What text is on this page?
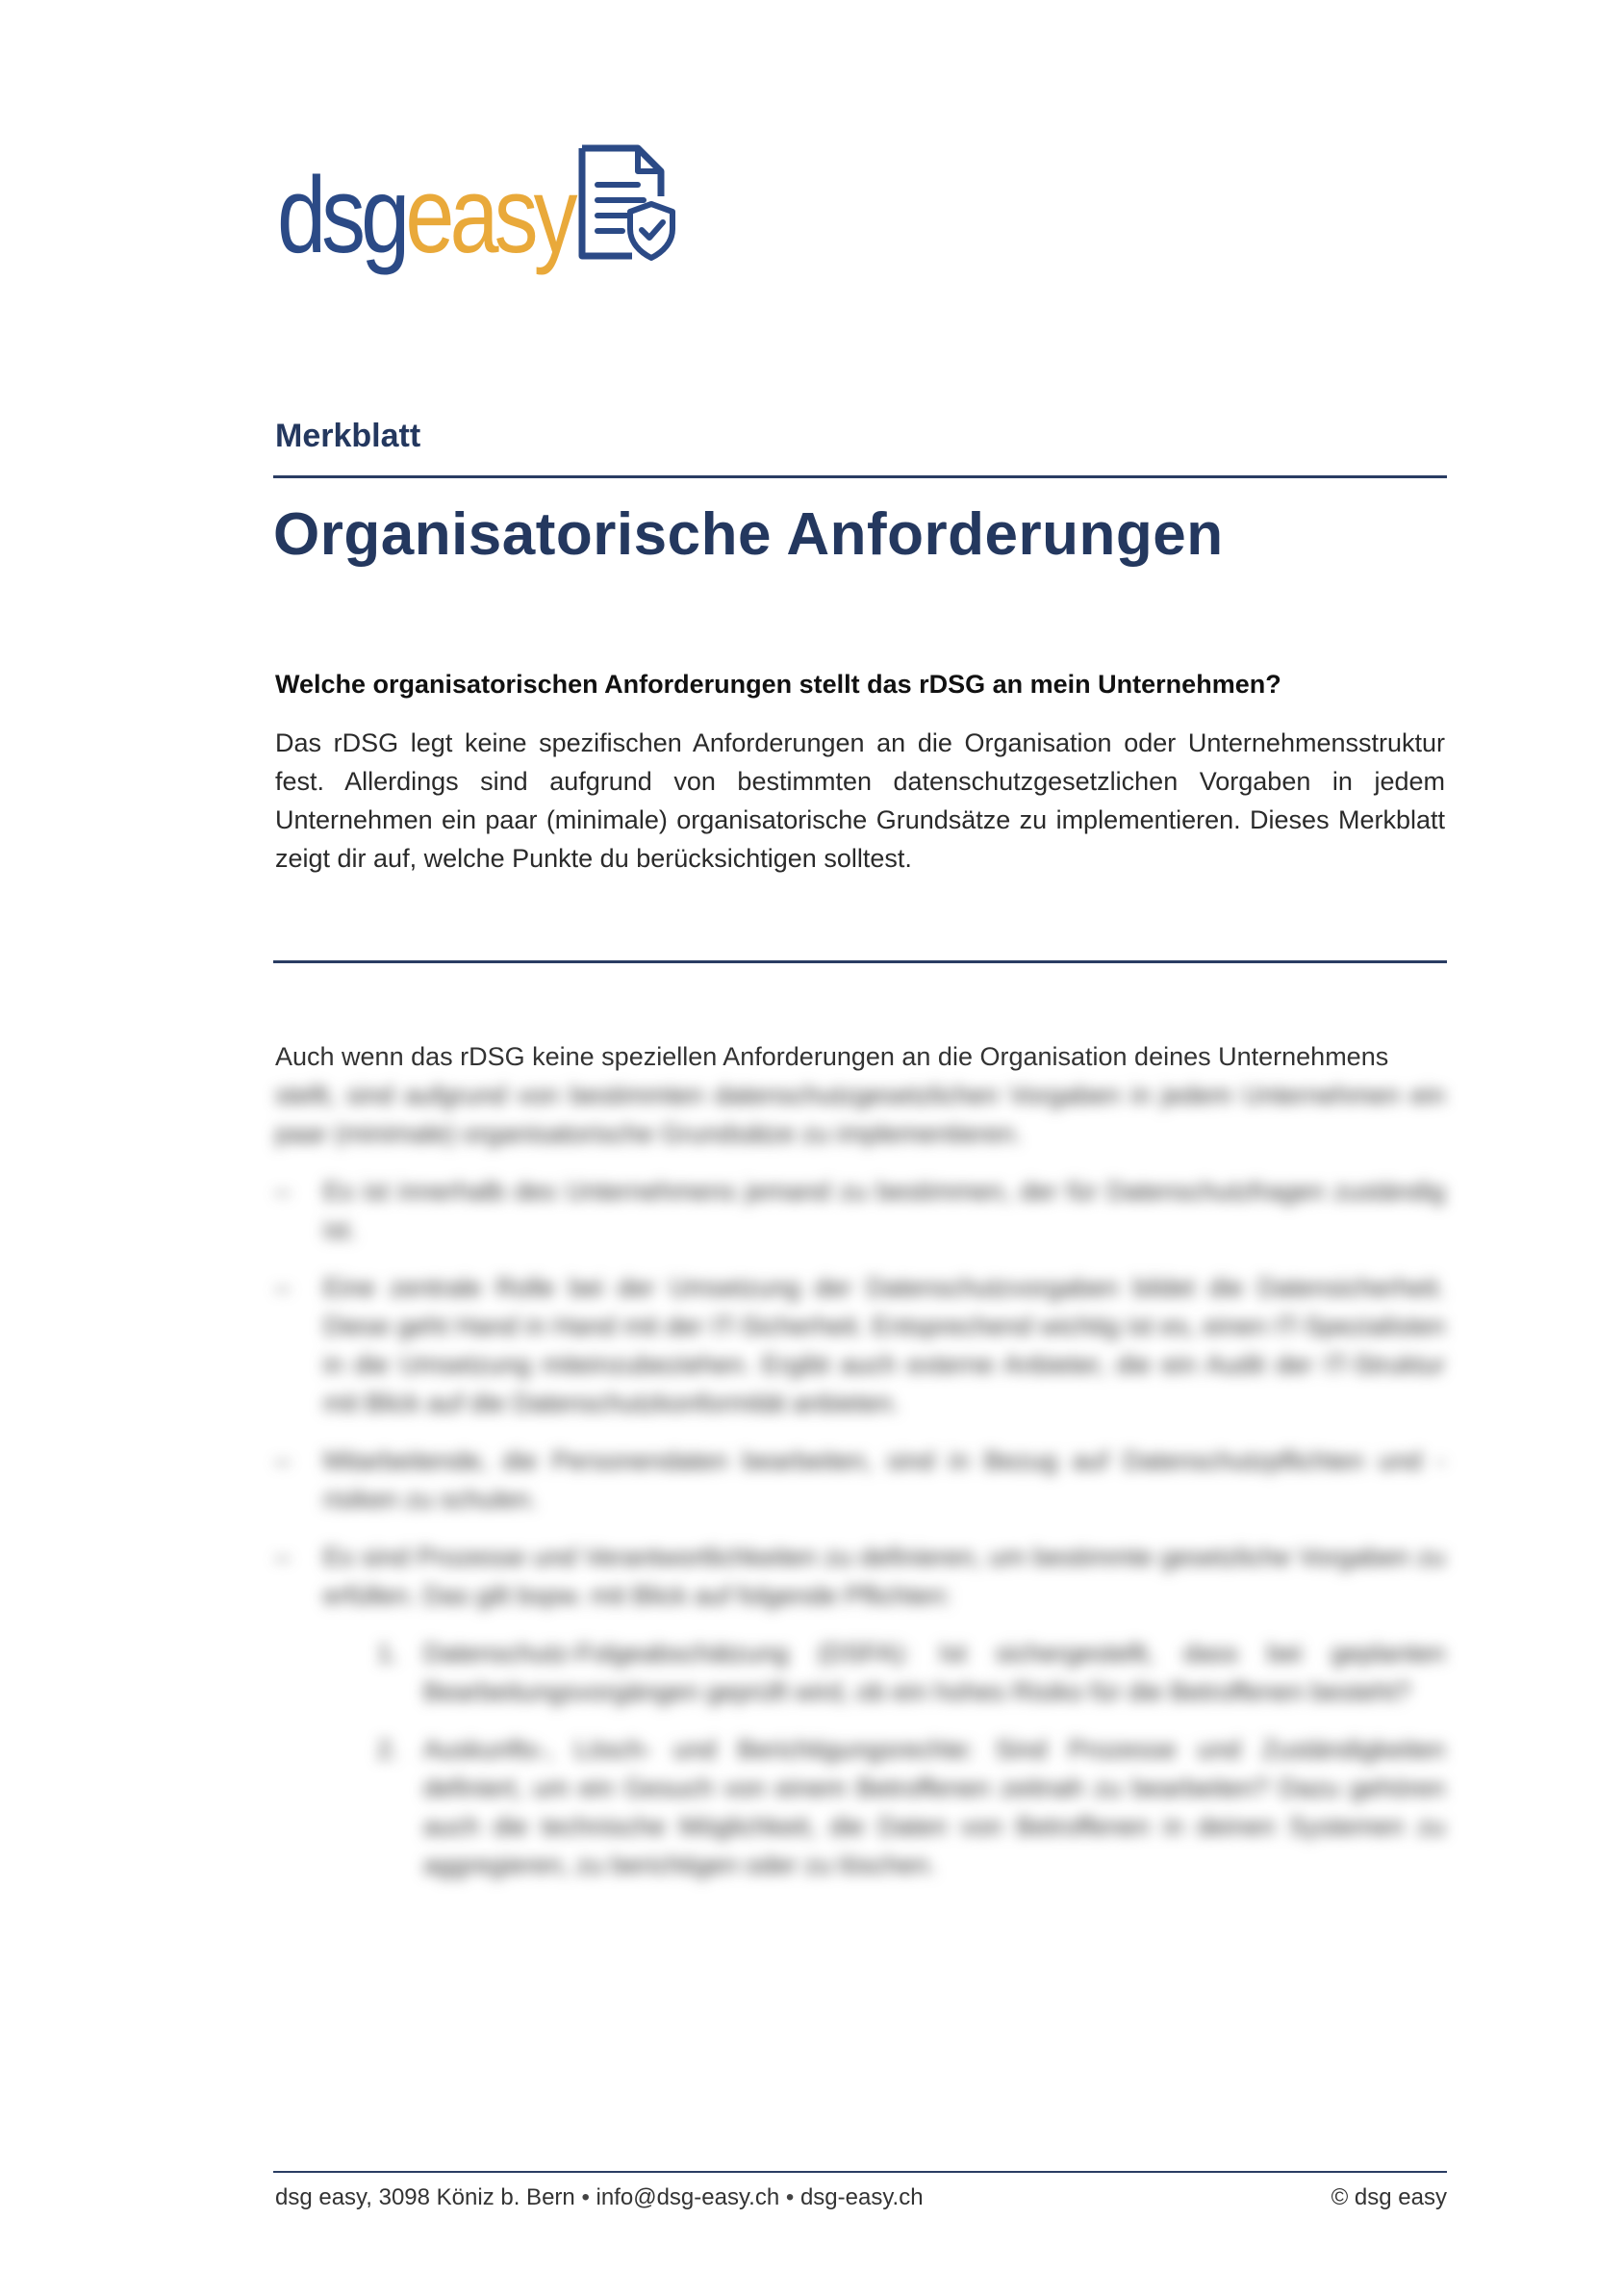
dsgeasy
Merkblatt
Organisatorische Anforderungen

Welche organisatorischen Anforderungen stellt das rDSG an mein Unternehmen?

Das rDSG legt keine spezifischen Anforderungen an die Organisation oder Unternehmensstruktur fest. Allerdings sind aufgrund von bestimmten datenschutzgesetzlichen Vorgaben in jedem Unternehmen ein paar (minimale) organisatorische Grundsätze zu implementieren. Dieses Merkblatt zeigt dir auf, welche Punkte du berücksichtigen solltest.

Auch wenn das rDSG keine speziellen Anforderungen an die Organisation deines Unternehmens

stellt, sind aufgrund von bestimmten datenschutzgesetzlichen Vorgaben in jedem Unternehmen ein paar (minimale) organisatorische Grundsätze zu implementieren.

– Es ist innerhalb des Unternehmens jemand zu bestimmen, der für Datenschutzfragen zuständig ist.
– Eine zentrale Rolle bei der Umsetzung der Datenschutzvorgaben bildet die Datensicherheit. Diese geht Hand in Hand mit der IT-Sicherheit. Entsprechend wichtig ist es, einen IT-Spezialisten in die Umsetzung miteinzubeziehen. Ergibt auch externe Anbieter, die ein Audit der IT-Struktur mit Blick auf die Datenschutzkonformität anbieten.
– Mitarbeitende, die Personendaten bearbeiten, sind in Bezug auf Datenschutzpflichten und -risiken zu schulen.
– Es sind Prozesse und Verantwortlichkeiten zu definieren, um bestimmte gesetzliche Vorgaben zu erfüllen. Das gilt bspw. mit Blick auf folgende Pflichten:
1. Datenschutz-Folgeabschätzung (DSFA): Ist sichergestellt, dass bei geplanten Bearbeitungsvorgängen geprüft wird, ob ein hohes Risiko für die Betroffenen besteht?
2. Auskunfts-, Lösch- und Berichtigungsrechte: Sind Prozesse und Zuständigkeiten definiert, um ein Gesuch von einem Betroffenen zeitnah zu bearbeiten? Dazu gehören auch die technische Möglichkeit, die Daten von Betroffenen in deinen Systemen zu aggregieren, zu berichtigen oder zu löschen.
dsg easy, 3098 Köniz b. Bern • info@dsg-easy.ch • dsg-easy.ch	© dsg easy
